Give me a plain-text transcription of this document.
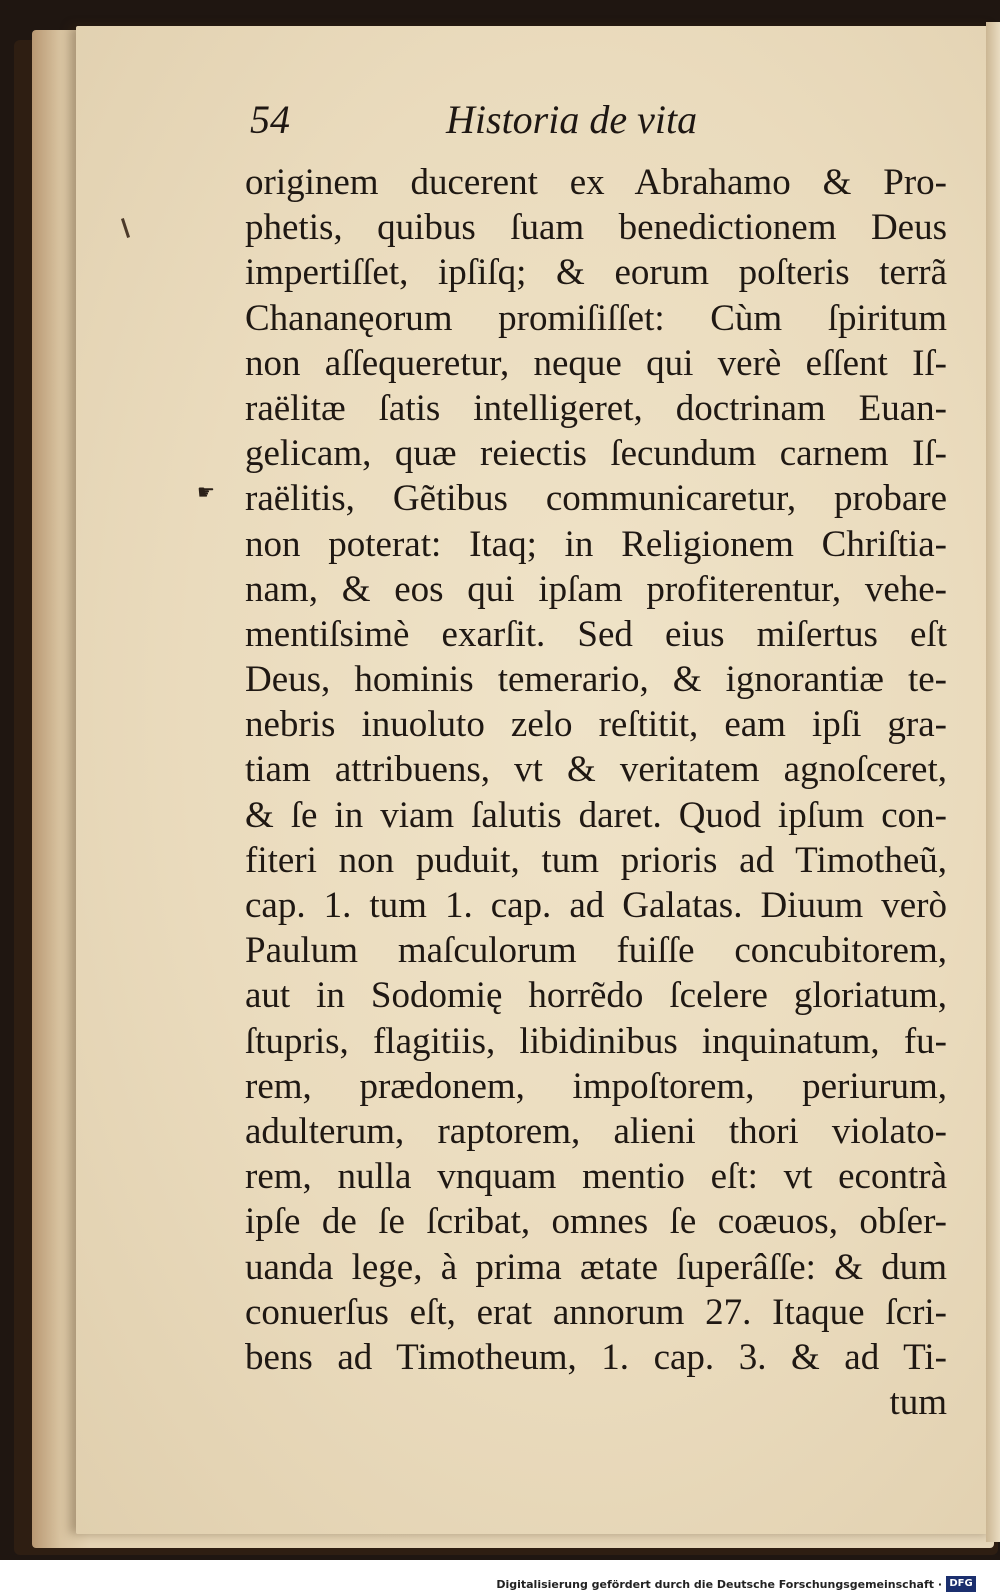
54	Historia de vita
☛
originem ducerent ex Abrahamo & Pro-
phetis, quibus ſuam benedictionem Deus
impertiſſet, ipſiſq; & eorum poſteris terrã
Chananęorum promiſiſſet: Cùm ſpiritum
non aſſequeretur, neque qui verè eſſent Iſ-
raëlitæ ſatis intelligeret, doctrinam Euan-
gelicam, quæ reiectis ſecundum carnem Iſ-
raëlitis, Gẽtibus communicaretur, probare
non poterat: Itaq; in Religionem Chriſtia-
nam, & eos qui ipſam profiterentur, vehe-
mentiſsimè exarſit. Sed eius miſertus eſt
Deus, hominis temerario, & ignorantiæ te-
nebris inuoluto zelo reſtitit, eam ipſi gra-
tiam attribuens, vt & veritatem agnoſceret,
& ſe in viam ſalutis daret. Quod ipſum con-
fiteri non puduit, tum prioris ad Timotheũ,
cap. 1. tum 1. cap. ad Galatas. Diuum verò
Paulum maſculorum fuiſſe concubitorem,
aut in Sodomię horrẽdo ſcelere gloriatum,
ſtupris, flagitiis, libidinibus inquinatum, fu-
rem, prædonem, impoſtorem, periurum,
adulterum, raptorem, alieni thori violato-
rem, nulla vnquam mentio eſt: vt econtrà
ipſe de ſe ſcribat, omnes ſe coæuos, obſer-
uanda lege, à prima ætate ſuperâſſe: & dum
conuerſus eſt, erat annorum 27. Itaque ſcri-
bens ad Timotheum, 1. cap. 3. & ad Ti-
tum
Digitalisierung gefördert durch die Deutsche Forschungsgemeinschaft · DFG
